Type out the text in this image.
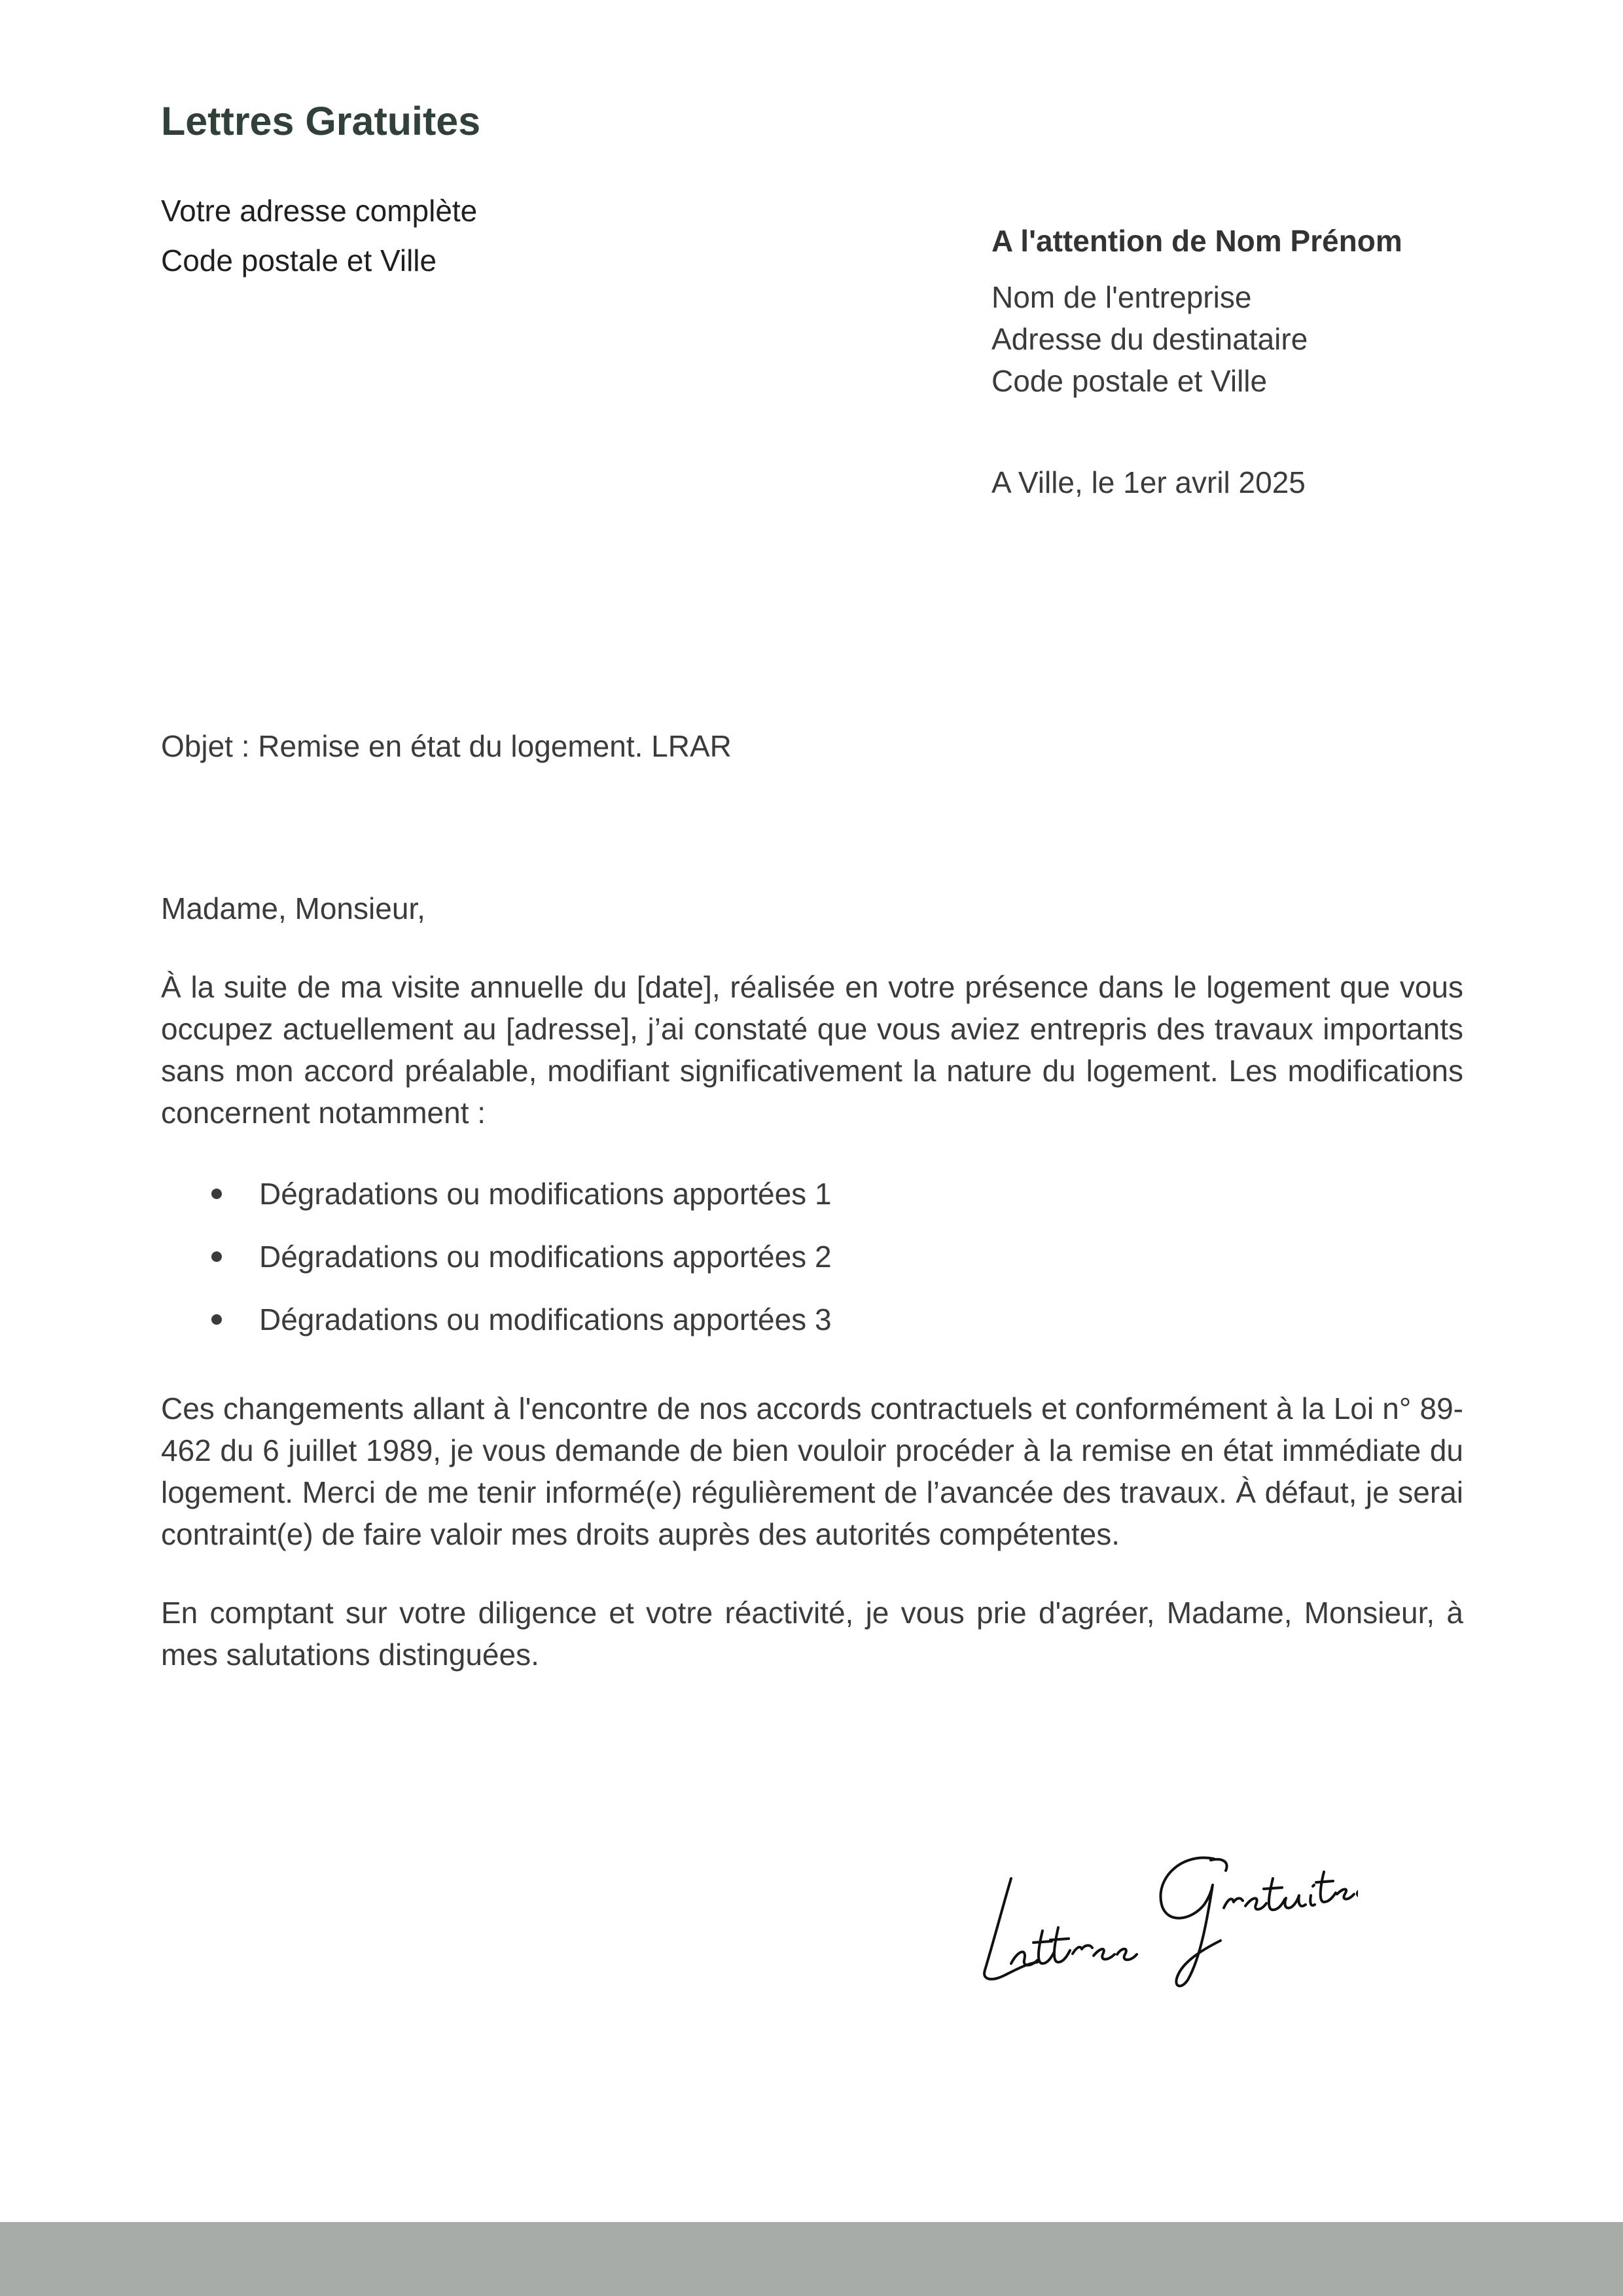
Lettres Gratuites
Votre adresse complète
Code postale et Ville
A l'attention de Nom Prénom
Nom de l'entreprise
Adresse du destinataire
Code postale et Ville
A Ville, le 1er avril 2025
Objet : Remise en état du logement. LRAR

Madame, Monsieur,

À la suite de ma visite annuelle du [date], réalisée en votre présence dans le logement que vous occupez actuellement au [adresse], j’ai constaté que vous aviez entrepris des travaux importants sans mon accord préalable, modifiant significativement la nature du logement. Les modifications concernent notamment :

Dégradations ou modifications apportées 1
Dégradations ou modifications apportées 2
Dégradations ou modifications apportées 3

Ces changements allant à l'encontre de nos accords contractuels et conformément à la Loi n° 89-462 du 6 juillet 1989, je vous demande de bien vouloir procéder à la remise en état immédiate du logement. Merci de me tenir informé(e) régulièrement de l’avancée des travaux. À défaut, je serai contraint(e) de faire valoir mes droits auprès des autorités compétentes.

En comptant sur votre diligence et votre réactivité, je vous prie d'agréer, Madame, Monsieur, à mes salutations distinguées.
